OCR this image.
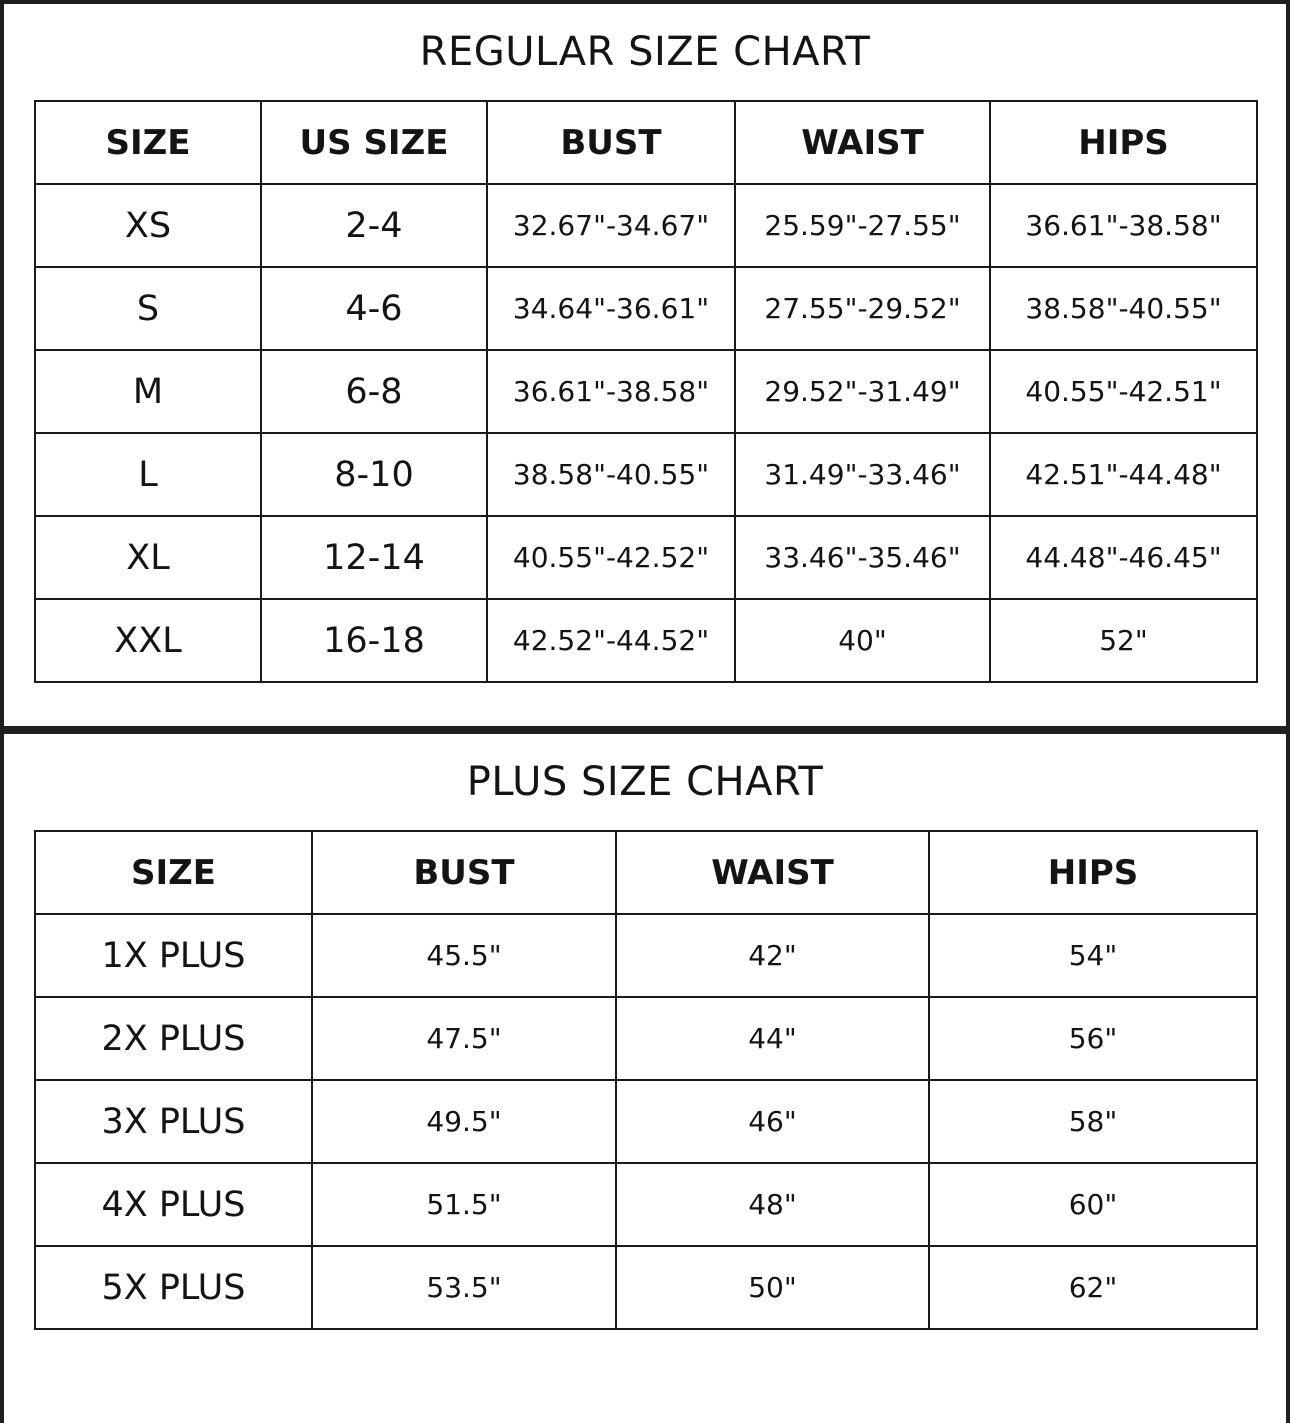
REGULAR SIZE CHART
SIZE	US SIZE	BUST	WAIST	HIPS
XS	2-4	32.67"-34.67"	25.59"-27.55"	36.61"-38.58"
S	4-6	34.64"-36.61"	27.55"-29.52"	38.58"-40.55"
M	6-8	36.61"-38.58"	29.52"-31.49"	40.55"-42.51"
L	8-10	38.58"-40.55"	31.49"-33.46"	42.51"-44.48"
XL	12-14	40.55"-42.52"	33.46"-35.46"	44.48"-46.45"
XXL	16-18	42.52"-44.52"	40"	52"
PLUS SIZE CHART
SIZE	BUST	WAIST	HIPS
1X PLUS	45.5"	42"	54"
2X PLUS	47.5"	44"	56"
3X PLUS	49.5"	46"	58"
4X PLUS	51.5"	48"	60"
5X PLUS	53.5"	50"	62"
